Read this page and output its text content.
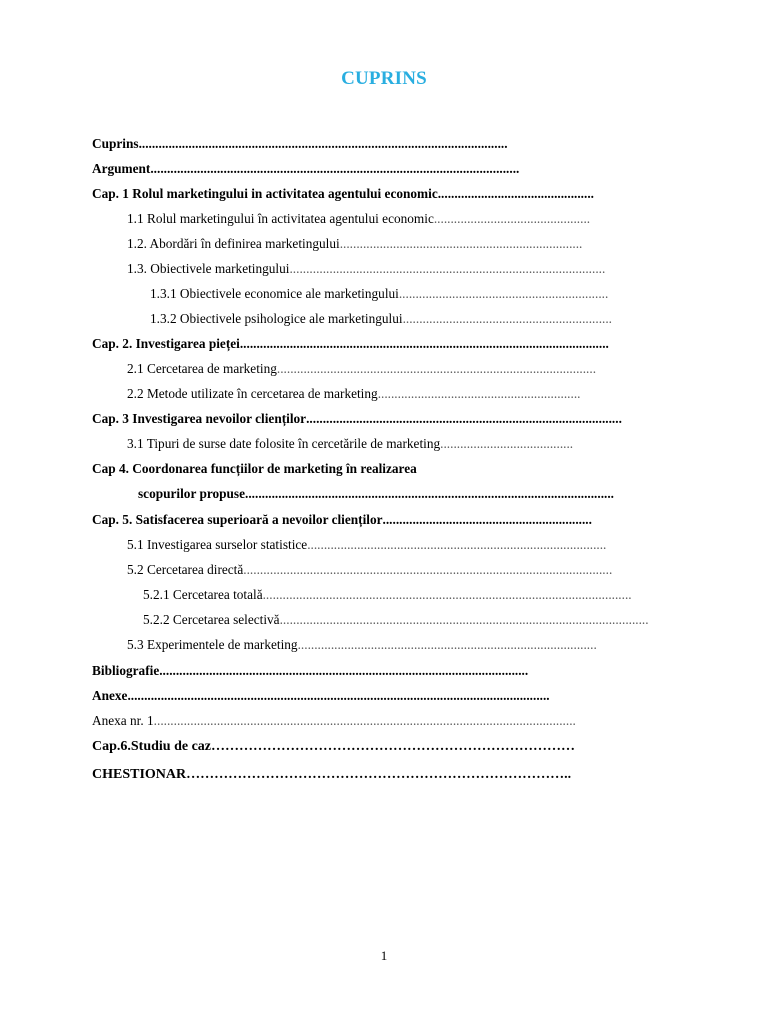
CUPRINS
Cuprins ...............................................................................................................
Argument ...............................................................................................................
Cap. 1 Rolul marketingului in activitatea agentului economic ...............................................
1.1 Rolul marketingului în activitatea agentului economic ...............................................
1.2. Abordări în definirea marketingului .........................................................................
1.3. Obiectivele marketingului ...............................................................................................
1.3.1 Obiectivele economice ale marketingului ...............................................................
1.3.2 Obiectivele psihologice ale marketingului ...............................................................
Cap. 2. Investigarea pieței ...............................................................................................................
2.1 Cercetarea de marketing ................................................................................................
2.2 Metode utilizate în cercetarea de marketing .............................................................
Cap. 3 Investigarea nevoilor clienților ...............................................................................................
3.1 Tipuri de surse date folosite în cercetările de marketing ........................................
Cap 4. Coordonarea funcțiilor de marketing în realizarea
scopurilor propuse ...............................................................................................................
Cap. 5. Satisfacerea superioară a nevoilor clienților ...............................................................
5.1 Investigarea surselor statistice ..........................................................................................
5.2 Cercetarea directă ...............................................................................................................
5.2.1 Cercetarea totală ...............................................................................................................
5.2.2 Cercetarea selectivă ...............................................................................................................
5.3 Experimentele de marketing ..........................................................................................
Bibliografie ...............................................................................................................
Anexe ...............................................................................................................................
Anexa nr. 1 ...............................................................................................................................
Cap.6.Studiu de caz ……………………………………………………………………
CHESTIONAR ………………………………………………………………………..
1
